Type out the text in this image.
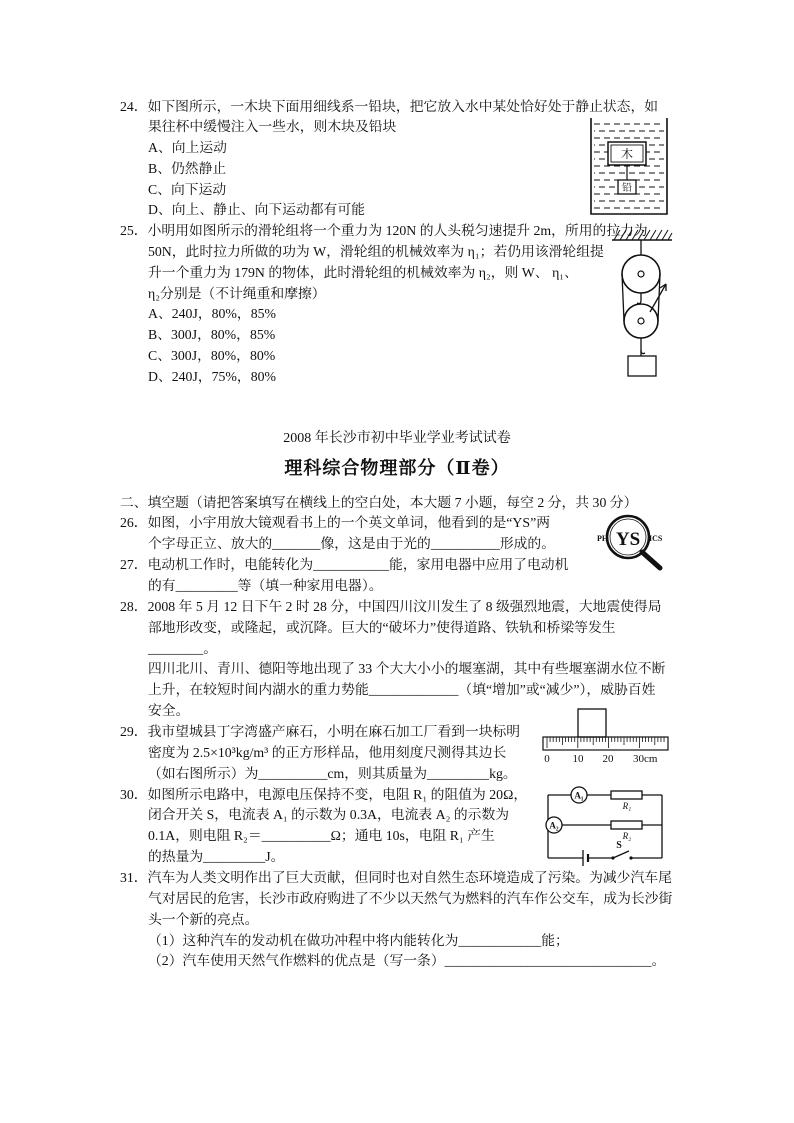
24．如下图所示，一木块下面用细线系一铅块，把它放入水中某处恰好处于静止状态，如
果往杯中缓慢注入一些水，则木块及铅块
A、向上运动
B、仍然静止
C、向下运动
D、向上、静止、向下运动都有可能
25．小明用如图所示的滑轮组将一个重力为 120N 的人头税匀速提升 2m，所用的拉力为
50N，此时拉力所做的功为 W，滑轮组的机械效率为 η₁；若仍用该滑轮组提
升一个重力为 179N 的物体，此时滑轮组的机械效率为 η₂，则 W、 η₁、
η₂分别是（不计绳重和摩擦）
A、240J，80%，85%
B、300J，80%，85%
C、300J，80%，80%
D、240J，75%，80%
2008 年长沙市初中毕业学业考试试卷
理科综合物理部分（Ⅱ卷）
二、填空题（请把答案填写在横线上的空白处，本大题 7 小题，每空 2 分，共 30 分）
26．如图，小宇用放大镜观看书上的一个英文单词，他看到的是“YS”两
个字母正立、放大的_______像，这是由于光的__________形成的。
27．电动机工作时，电能转化为___________能，家用电器中应用了电动机
的有_________等（填一种家用电器）。
28．2008 年 5 月 12 日下午 2 时 28 分，中国四川汶川发生了 8 级强烈地震，大地震使得局
部地形改变，或隆起，或沉降。巨大的“破坏力”使得道路、铁轨和桥梁等发生
________。
四川北川、青川、德阳等地出现了 33 个大大小小的堰塞湖，其中有些堰塞湖水位不断
上升，在较短时间内湖水的重力势能_____________（填“增加”或“减少”），威胁百姓
安全。
29．我市望城县丁字湾盛产麻石，小明在麻石加工厂看到一块标明
密度为 2.5×10³kg/m³ 的正方形样品，他用刻度尺测得其边长
（如右图所示）为__________cm，则其质量为_________kg。
30．如图所示电路中，电源电压保持不变，电阻 R₁ 的阻值为 20Ω，
闭合开关 S，电流表 A₁ 的示数为 0.3A，电流表 A₂ 的示数为
0.1A，则电阻 R₂＝__________Ω；通电 10s，电阻 R₁ 产生
的热量为_________J。
31．汽车为人类文明作出了巨大贡献，但同时也对自然生态环境造成了污染。为减少汽车尾
气对居民的危害，长沙市政府购进了不少以天然气为燃料的汽车作公交车，成为长沙街
头一个新的亮点。
（1）这种汽车的发动机在做功冲程中将内能转化为____________能；
（2）汽车使用天然气作燃料的优点是（写一条）______________________________。
木
铅
PH	ICS
YS
0 10 20 30cm
A₁
R₁
A₂
R₂
S
